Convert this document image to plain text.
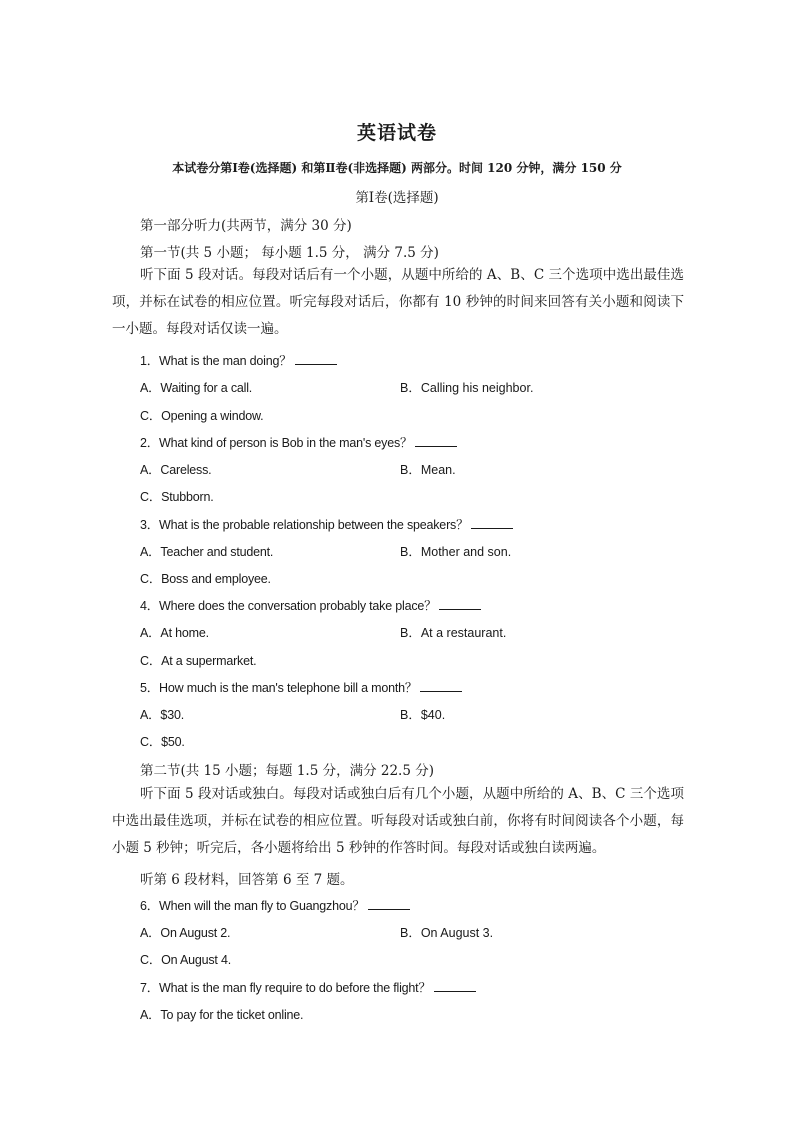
英语试卷
本试卷分第Ⅰ卷(选择题) 和第Ⅱ卷(非选择题) 两部分。时间 120 分钟，满分 150 分
第Ⅰ卷(选择题)
第一部分听力(共两节，满分 30 分)
第一节(共 5 小题； 每小题 1.5 分， 满分 7.5 分)
听下面 5 段对话。每段对话后有一个小题，从题中所给的 A、B、C 三个选项中选出最佳选项，并标在试卷的相应位置。听完每段对话后，你都有 10 秒钟的时间来回答有关小题和阅读下一小题。每段对话仅读一遍。
1．What is the man doing？
A．Waiting for a call.	B．Calling his neighbor.
C．Opening a window.
2．What kind of person is Bob in the man's eyes？
A．Careless.	B．Mean.
C．Stubborn.
3．What is the probable relationship between the speakers？
A．Teacher and student.	B．Mother and son.
C．Boss and employee.
4．Where does the conversation probably take place？
A．At home.	B．At a restaurant.
C．At a supermarket.
5．How much is the man's telephone bill a month？
A．$30.	B．$40.
C．$50.
第二节(共 15 小题；每题 1.5 分，满分 22.5 分)
听下面 5 段对话或独白。每段对话或独白后有几个小题，从题中所给的 A、B、C 三个选项中选出最佳选项，并标在试卷的相应位置。听每段对话或独白前，你将有时间阅读各个小题，每小题 5 秒钟；听完后，各小题将给出 5 秒钟的作答时间。每段对话或独白读两遍。
听第 6 段材料，回答第 6 至 7 题。
6．When will the man fly to Guangzhou？
A．On August 2.	B．On August 3.
C．On August 4.
7．What is the man fly require to do before the flight？
A．To pay for the ticket online.
